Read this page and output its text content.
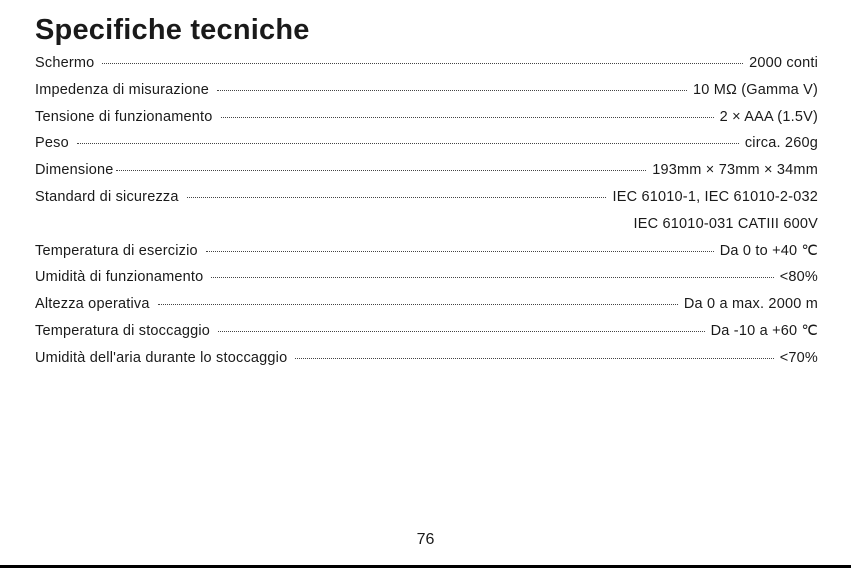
Specifiche tecniche
Schermo	2000 conti
Impedenza di misurazione	10 MΩ (Gamma V)
Tensione di funzionamento	2 × AAA (1.5V)
Peso	circa. 260g
Dimensione	193mm × 73mm × 34mm
Standard di sicurezza	IEC 61010-1, IEC 61010-2-032
IEC 61010-031 CATIII 600V
Temperatura di esercizio	Da 0 to +40 ℃
Umidità di funzionamento	<80%
Altezza operativa	Da 0 a max. 2000 m
Temperatura di stoccaggio	Da -10 a +60 ℃
Umidità dell'aria durante lo stoccaggio	<70%
76
